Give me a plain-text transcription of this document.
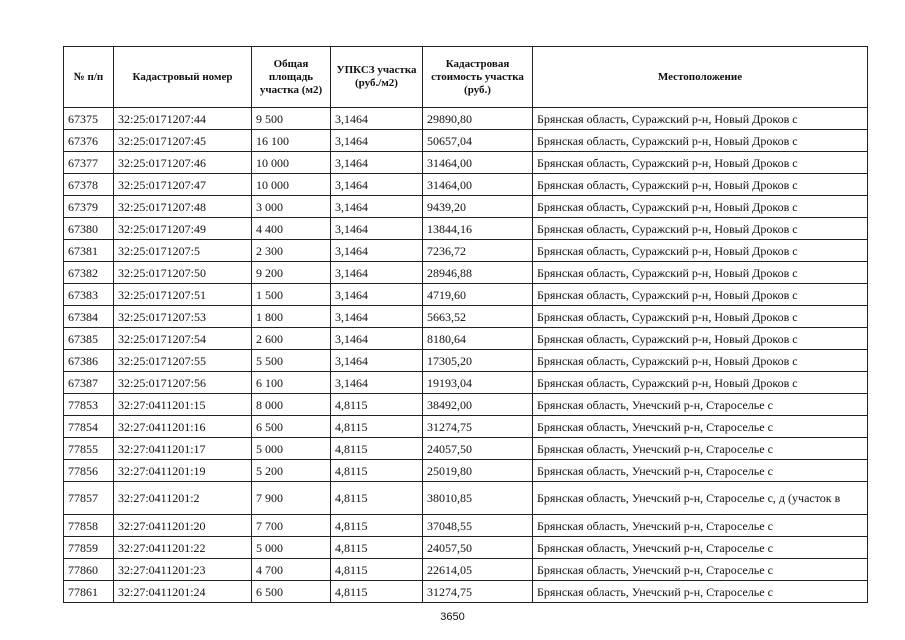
№ п/п	Кадастровый номер	Общая площадь участка (м2)	УПКСЗ участка (руб./м2)	Кадастровая стоимость участка (руб.)	Местоположение
67375	32:25:0171207:44	9 500	3,1464	29890,80	Брянская область, Суражский р-н, Новый Дроков с
67376	32:25:0171207:45	16 100	3,1464	50657,04	Брянская область, Суражский р-н, Новый Дроков с
67377	32:25:0171207:46	10 000	3,1464	31464,00	Брянская область, Суражский р-н, Новый Дроков с
67378	32:25:0171207:47	10 000	3,1464	31464,00	Брянская область, Суражский р-н, Новый Дроков с
67379	32:25:0171207:48	3 000	3,1464	9439,20	Брянская область, Суражский р-н, Новый Дроков с
67380	32:25:0171207:49	4 400	3,1464	13844,16	Брянская область, Суражский р-н, Новый Дроков с
67381	32:25:0171207:5	2 300	3,1464	7236,72	Брянская область, Суражский р-н, Новый Дроков с
67382	32:25:0171207:50	9 200	3,1464	28946,88	Брянская область, Суражский р-н, Новый Дроков с
67383	32:25:0171207:51	1 500	3,1464	4719,60	Брянская область, Суражский р-н, Новый Дроков с
67384	32:25:0171207:53	1 800	3,1464	5663,52	Брянская область, Суражский р-н, Новый Дроков с
67385	32:25:0171207:54	2 600	3,1464	8180,64	Брянская область, Суражский р-н, Новый Дроков с
67386	32:25:0171207:55	5 500	3,1464	17305,20	Брянская область, Суражский р-н, Новый Дроков с
67387	32:25:0171207:56	6 100	3,1464	19193,04	Брянская область, Суражский р-н, Новый Дроков с
77853	32:27:0411201:15	8 000	4,8115	38492,00	Брянская область, Унечский р-н, Староселье с
77854	32:27:0411201:16	6 500	4,8115	31274,75	Брянская область, Унечский р-н, Староселье с
77855	32:27:0411201:17	5 000	4,8115	24057,50	Брянская область, Унечский р-н, Староселье с
77856	32:27:0411201:19	5 200	4,8115	25019,80	Брянская область, Унечский р-н, Староселье с
77857	32:27:0411201:2	7 900	4,8115	38010,85	Брянская область, Унечский р-н, Староселье с, д (участок в
77858	32:27:0411201:20	7 700	4,8115	37048,55	Брянская область, Унечский р-н, Староселье с
77859	32:27:0411201:22	5 000	4,8115	24057,50	Брянская область, Унечский р-н, Староселье с
77860	32:27:0411201:23	4 700	4,8115	22614,05	Брянская область, Унечский р-н, Староселье с
77861	32:27:0411201:24	6 500	4,8115	31274,75	Брянская область, Унечский р-н, Староселье с
3650
